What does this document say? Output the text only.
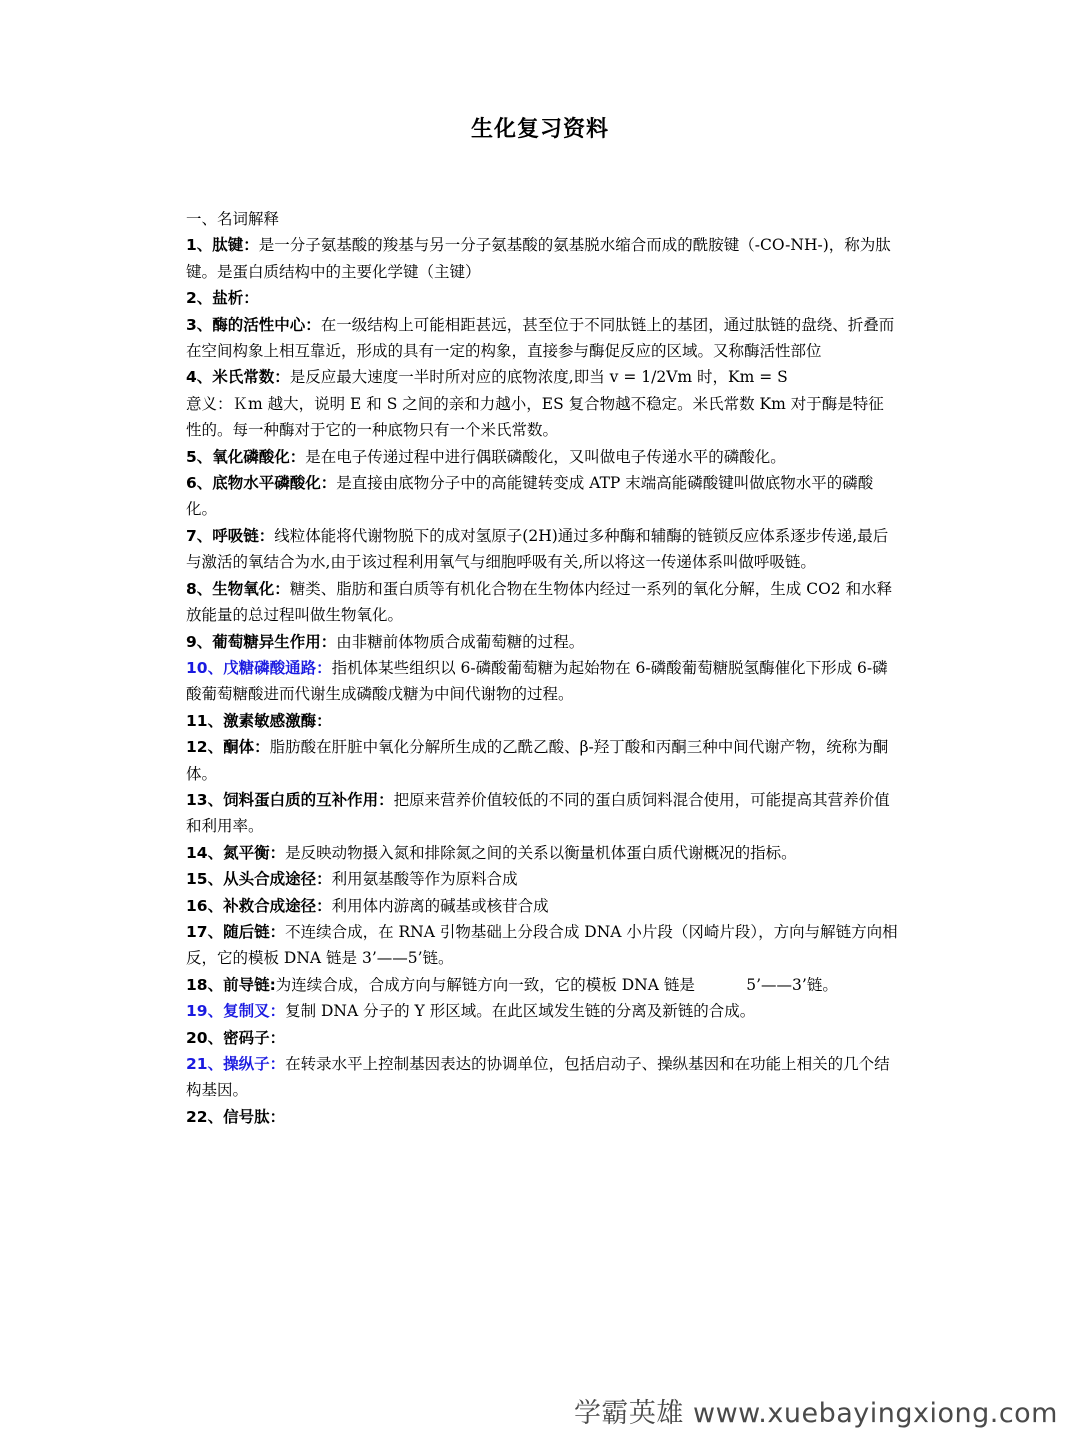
生化复习资料

一、名词解释

1、肽键：是一分子氨基酸的羧基与另一分子氨基酸的氨基脱水缩合而成的酰胺键（-CO-NH-)，称为肽键。是蛋白质结构中的主要化学键（主键）

2、盐析：

3、酶的活性中心：在一级结构上可能相距甚远，甚至位于不同肽链上的基团，通过肽链的盘绕、折叠而在空间构象上相互靠近，形成的具有一定的构象，直接参与酶促反应的区域。又称酶活性部位

4、米氏常数：是反应最大速度一半时所对应的底物浓度,即当 v = 1/2Vm 时，Km = S

意义：Ｋm 越大，说明 E 和 S 之间的亲和力越小，ES 复合物越不稳定。米氏常数 Km 对于酶是特征性的。每一种酶对于它的一种底物只有一个米氏常数。

5、氧化磷酸化：是在电子传递过程中进行偶联磷酸化，又叫做电子传递水平的磷酸化。

6、底物水平磷酸化：是直接由底物分子中的高能键转变成 ATP 末端高能磷酸键叫做底物水平的磷酸化。

7、呼吸链：线粒体能将代谢物脱下的成对氢原子(2H)通过多种酶和辅酶的链锁反应体系逐步传递,最后与激活的氧结合为水,由于该过程利用氧气与细胞呼吸有关,所以将这一传递体系叫做呼吸链。

8、生物氧化：糖类、脂肪和蛋白质等有机化合物在生物体内经过一系列的氧化分解，生成 CO2 和水释放能量的总过程叫做生物氧化。

9、葡萄糖异生作用：由非糖前体物质合成葡萄糖的过程。

10、戊糖磷酸通路：指机体某些组织以 6-磷酸葡萄糖为起始物在 6-磷酸葡萄糖脱氢酶催化下形成 6-磷酸葡萄糖酸进而代谢生成磷酸戊糖为中间代谢物的过程。

11、激素敏感激酶：

12、酮体：脂肪酸在肝脏中氧化分解所生成的乙酰乙酸、β-羟丁酸和丙酮三种中间代谢产物，统称为酮体。

13、饲料蛋白质的互补作用：把原来营养价值较低的不同的蛋白质饲料混合使用，可能提高其营养价值和利用率。

14、氮平衡：是反映动物摄入氮和排除氮之间的关系以衡量机体蛋白质代谢概况的指标。

15、从头合成途径：利用氨基酸等作为原料合成

16、补救合成途径：利用体内游离的碱基或核苷合成

17、随后链：不连续合成，在 RNA 引物基础上分段合成 DNA 小片段（冈崎片段），方向与解链方向相反，它的模板 DNA 链是 3’——5’链。

18、前导链:为连续合成，合成方向与解链方向一致，它的模板 DNA 链是　　　 5’——3’链。

19、复制叉：复制 DNA 分子的 Y 形区域。在此区域发生链的分离及新链的合成。

20、密码子：

21、操纵子：在转录水平上控制基因表达的协调单位，包括启动子、操纵基因和在功能上相关的几个结构基因。

22、信号肽：

学霸英雄 www.xuebayingxiong.com
